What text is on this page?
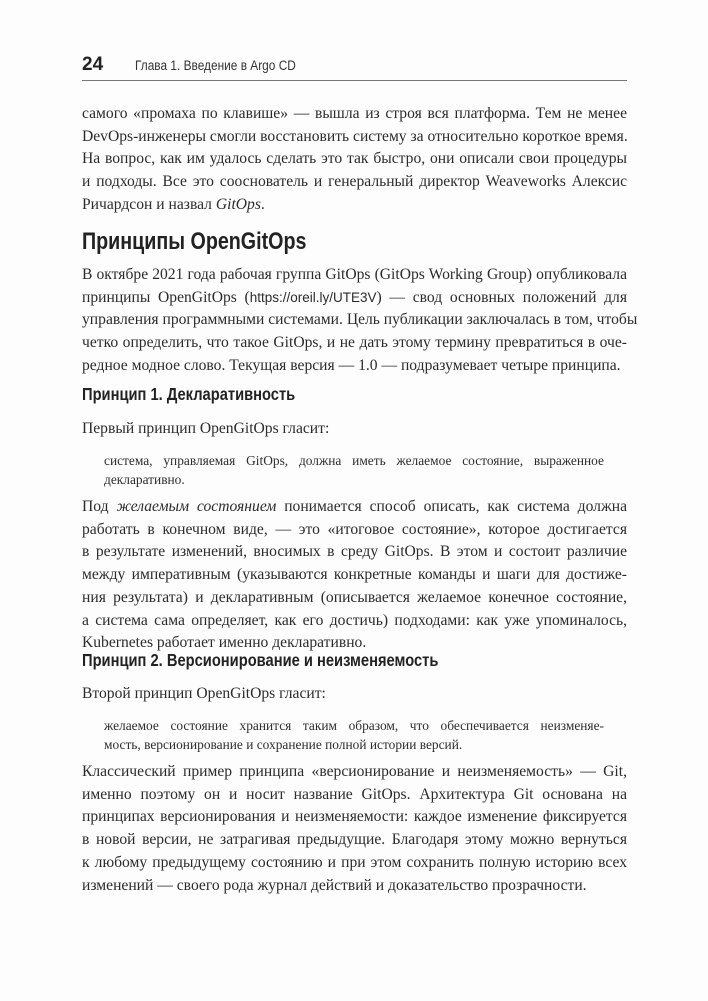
24 Глава 1. Введение в Argo CD

самого «промаха по клавише» — вышла из строя вся платформа. Тем не менее
DevOps-инженеры смогли восстановить систему за относительно короткое время.
На вопрос, как им удалось сделать это так быстро, они описали свои процедуры
и подходы. Все это сооснователь и генеральный директор Weaveworks Алексис
Ричардсон и назвал GitOps.

Принципы OpenGitOps

В октябре 2021 года рабочая группа GitOps (GitOps Working Group) опубликовала
принципы OpenGitOps (https://oreil.ly/UTE3V) — свод основных положений для
управления программными системами. Цель публикации заключалась в том, чтобы
четко определить, что такое GitOps, и не дать этому термину превратиться в оче-
редное модное слово. Текущая версия — 1.0 — подразумевает четыре принципа.

Принцип 1. Декларативность

Первый принцип OpenGitOps гласит:

система, управляемая GitOps, должна иметь желаемое состояние, выраженное
декларативно.

Под желаемым состоянием понимается способ описать, как система должна
работать в конечном виде, — это «итоговое состояние», которое достигается
в результате изменений, вносимых в среду GitOps. В этом и состоит различие
между императивным (указываются конкретные команды и шаги для достиже-
ния результата) и декларативным (описывается желаемое конечное состояние,
а система сама определяет, как его достичь) подходами: как уже упоминалось,
Kubernetes работает именно декларативно.

Принцип 2. Версионирование и неизменяемость

Второй принцип OpenGitOps гласит:

желаемое состояние хранится таким образом, что обеспечивается неизменяе-
мость, версионирование и сохранение полной истории версий.

Классический пример принципа «версионирование и неизменяемость» — Git,
именно поэтому он и носит название GitOps. Архитектура Git основана на
принципах версионирования и неизменяемости: каждое изменение фиксируется
в новой версии, не затрагивая предыдущие. Благодаря этому можно вернуться
к любому предыдущему состоянию и при этом сохранить полную историю всех
изменений — своего рода журнал действий и доказательство прозрачности.
